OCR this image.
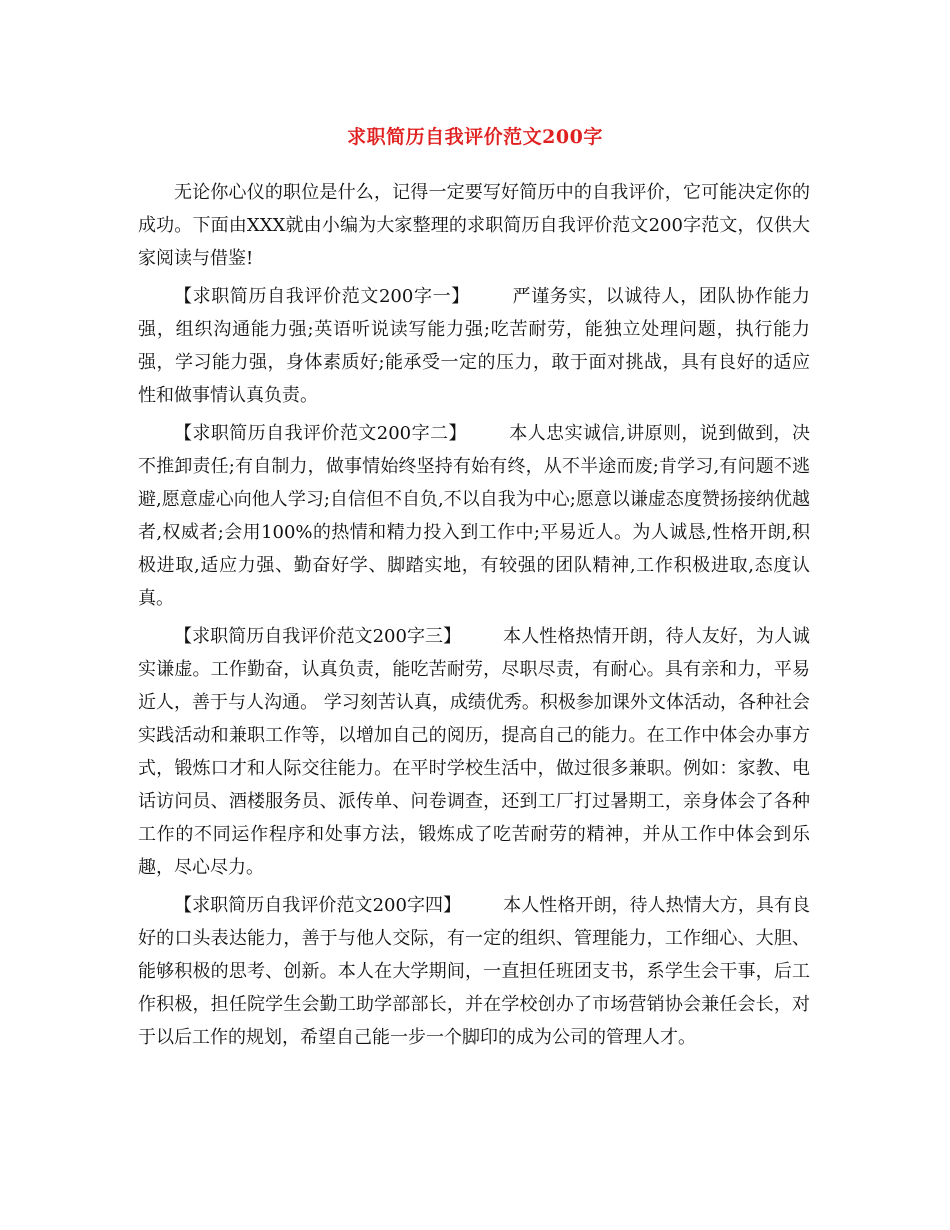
求职简历自我评价范文200字

无论你心仪的职位是什么，记得一定要写好简历中的自我评价，它可能决定你的成功。下面由XXX就由小编为大家整理的求职简历自我评价范文200字范文，仅供大家阅读与借鉴!

【求职简历自我评价范文200字一】 严谨务实，以诚待人，团队协作能力强，组织沟通能力强;英语听说读写能力强;吃苦耐劳，能独立处理问题，执行能力强，学习能力强，身体素质好;能承受一定的压力，敢于面对挑战，具有良好的适应性和做事情认真负责。

【求职简历自我评价范文200字二】 本人忠实诚信,讲原则，说到做到，决不推卸责任;有自制力，做事情始终坚持有始有终，从不半途而废;肯学习,有问题不逃避,愿意虚心向他人学习;自信但不自负,不以自我为中心;愿意以谦虚态度赞扬接纳优越者,权威者;会用100%的热情和精力投入到工作中;平易近人。为人诚恳,性格开朗,积极进取,适应力强、勤奋好学、脚踏实地，有较强的团队精神,工作积极进取,态度认真。

【求职简历自我评价范文200字三】 本人性格热情开朗，待人友好，为人诚实谦虚。工作勤奋，认真负责，能吃苦耐劳，尽职尽责，有耐心。具有亲和力，平易近人，善于与人沟通。 学习刻苦认真，成绩优秀。积极参加课外文体活动，各种社会实践活动和兼职工作等，以增加自己的阅历，提高自己的能力。在工作中体会办事方式，锻炼口才和人际交往能力。在平时学校生活中，做过很多兼职。例如：家教、电话访问员、酒楼服务员、派传单、问卷调查，还到工厂打过暑期工，亲身体会了各种工作的不同运作程序和处事方法，锻炼成了吃苦耐劳的精神，并从工作中体会到乐趣，尽心尽力。

【求职简历自我评价范文200字四】 本人性格开朗，待人热情大方，具有良好的口头表达能力，善于与他人交际，有一定的组织、管理能力，工作细心、大胆、能够积极的思考、创新。本人在大学期间，一直担任班团支书，系学生会干事，后工作积极，担任院学生会勤工助学部部长，并在学校创办了市场营销协会兼任会长，对于以后工作的规划，希望自己能一步一个脚印的成为公司的管理人才。
